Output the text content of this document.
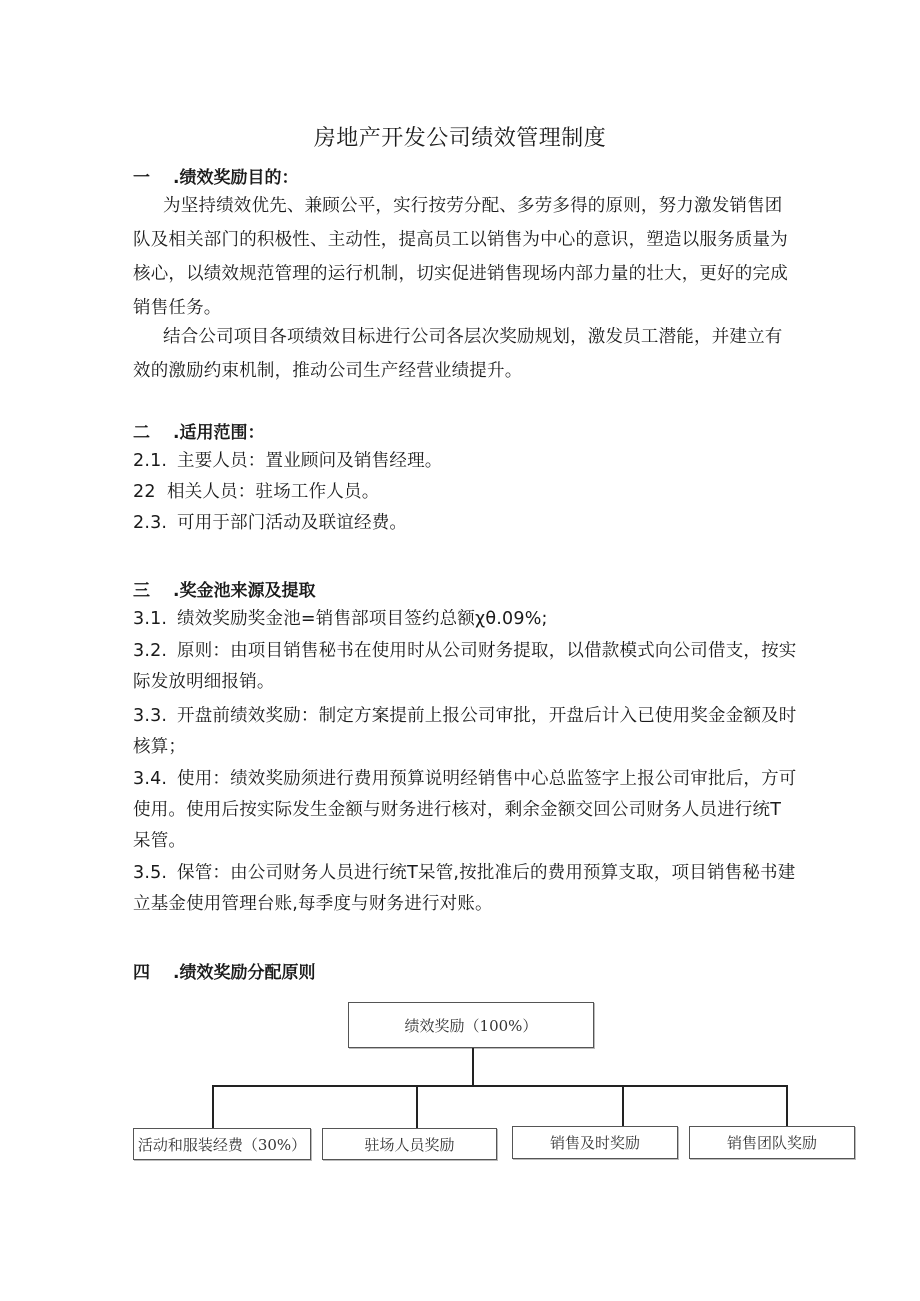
房地产开发公司绩效管理制度
一 .绩效奖励目的：
为坚持绩效优先、兼顾公平，实行按劳分配、多劳多得的原则，努力激发销售团队及相关部门的积极性、主动性，提高员工以销售为中心的意识，塑造以服务质量为核心，以绩效规范管理的运行机制，切实促进销售现场内部力量的壮大，更好的完成销售任务。
结合公司项目各项绩效目标进行公司各层次奖励规划，激发员工潜能，并建立有效的激励约束机制，推动公司生产经营业绩提升。
二 .适用范围：
2.1. 主要人员：置业顾问及销售经理。
22 相关人员：驻场工作人员。
2.3. 可用于部门活动及联谊经费。
三 .奖金池来源及提取
3.1. 绩效奖励奖金池=销售部项目签约总额χθ.09%;
3.2. 原则：由项目销售秘书在使用时从公司财务提取，以借款模式向公司借支，按实际发放明细报销。
3.3. 开盘前绩效奖励：制定方案提前上报公司审批，开盘后计入已使用奖金金额及时核算；
3.4. 使用：绩效奖励须进行费用预算说明经销售中心总监签字上报公司审批后，方可使用。使用后按实际发生金额与财务进行核对，剩余金额交回公司财务人员进行统T呆管。
3.5. 保管：由公司财务人员进行统T呆管,按批准后的费用预算支取，项目销售秘书建立基金使用管理台账,每季度与财务进行对账。
四 .绩效奖励分配原则
绩效奖励（100%）
活动和服装经费（30%）	驻场人员奖励	销售及时奖励	销售团队奖励
